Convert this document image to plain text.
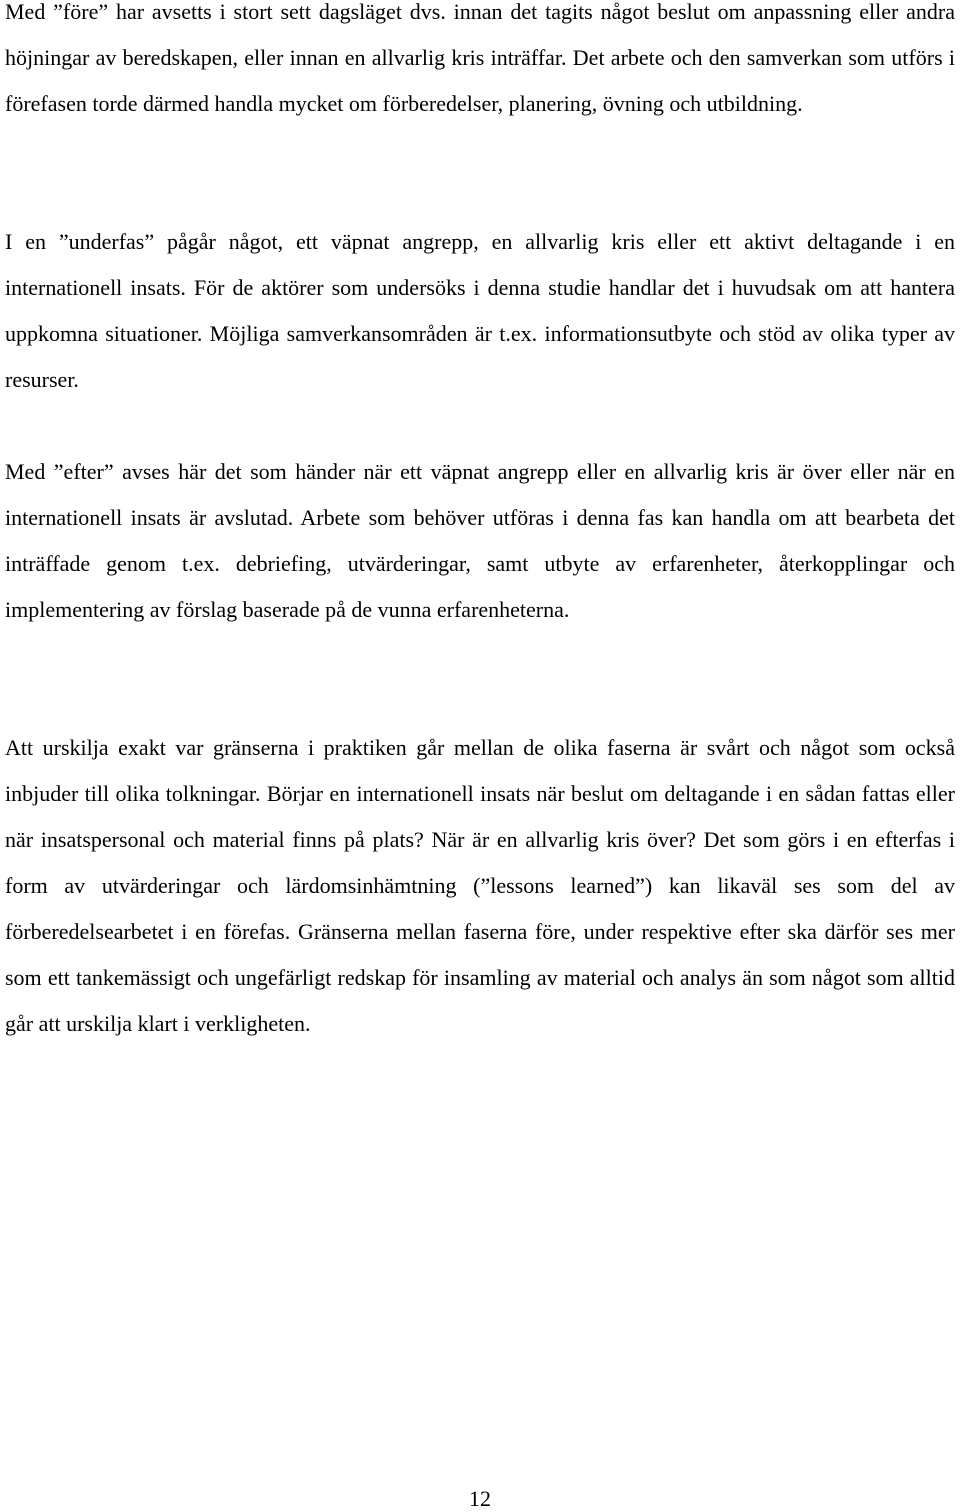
Med ”före” har avsetts i stort sett dagsläget dvs. innan det tagits något beslut om anpassning eller andra höjningar av beredskapen, eller innan en allvarlig kris inträffar. Det arbete och den samverkan som utförs i förefasen torde därmed handla mycket om förberedelser, planering, övning och utbildning.

I en ”underfas” pågår något, ett väpnat angrepp, en allvarlig kris eller ett aktivt deltagande i en internationell insats. För de aktörer som undersöks i denna studie handlar det i huvudsak om att hantera uppkomna situationer. Möjliga samverkansområden är t.ex. informationsutbyte och stöd av olika typer av resurser.

Med ”efter” avses här det som händer när ett väpnat angrepp eller en allvarlig kris är över eller när en internationell insats är avslutad. Arbete som behöver utföras i denna fas kan handla om att bearbeta det inträffade genom t.ex. debriefing, utvärderingar, samt utbyte av erfarenheter, återkopplingar och implementering av förslag baserade på de vunna erfarenheterna.

Att urskilja exakt var gränserna i praktiken går mellan de olika faserna är svårt och något som också inbjuder till olika tolkningar. Börjar en internationell insats när beslut om deltagande i en sådan fattas eller när insatspersonal och material finns på plats? När är en allvarlig kris över? Det som görs i en efterfas i form av utvärderingar och lärdomsinhämtning (”lessons learned”) kan likaväl ses som del av förberedelsearbetet i en förefas. Gränserna mellan faserna före, under respektive efter ska därför ses mer som ett tankemässigt och ungefärligt redskap för insamling av material och analys än som något som alltid går att urskilja klart i verkligheten.

12
